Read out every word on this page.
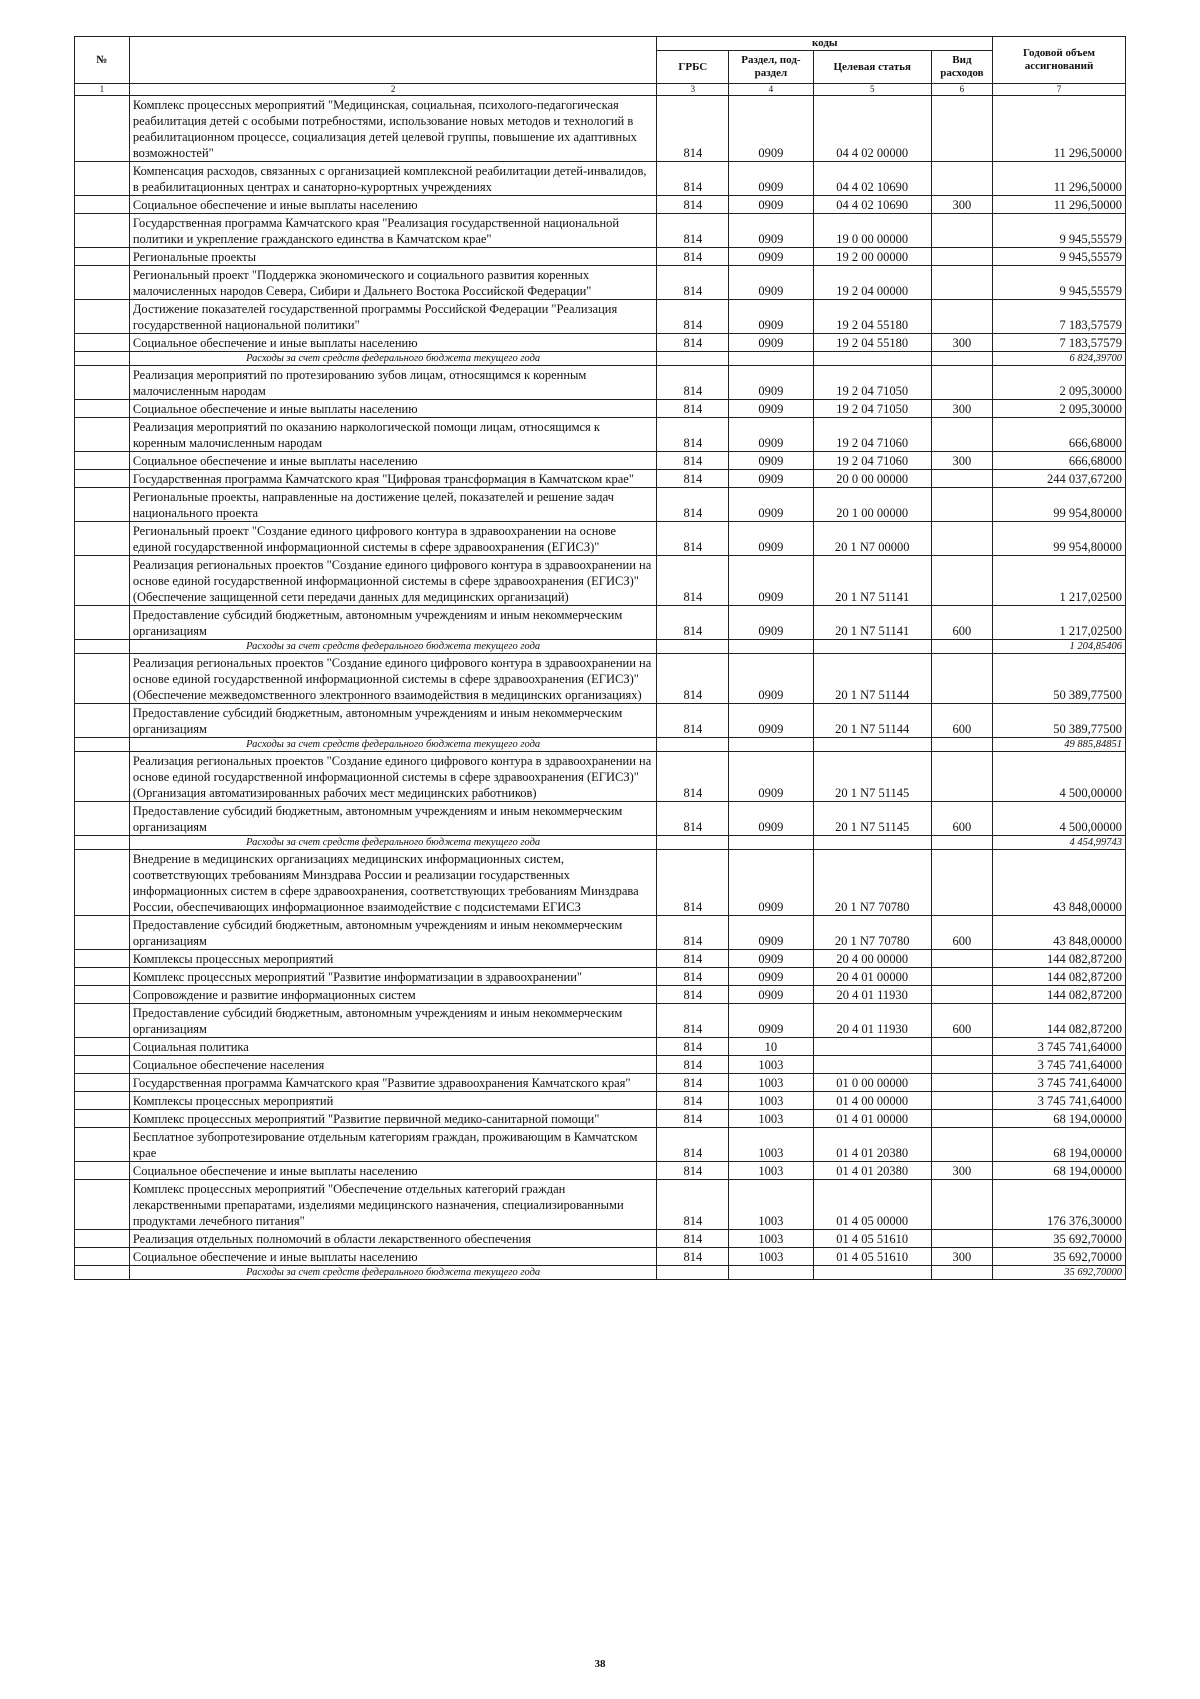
№		коды				Годовой объем ассигнований
		ГРБС	Раздел, под-раздел	Целевая статья	Вид расходов	
1	2	3	4	5	6	7
	Комплекс процессных мероприятий "Медицинская, социальная, психолого-педагогическая реабилитация детей с особыми потребностями, использование новых методов и технологий в реабилитационном процессе, социализация детей целевой группы, повышение их адаптивных возможностей"	814	0909	04 4 02 00000		11 296,50000
	Компенсация расходов, связанных с организацией комплексной реабилитации детей-инвалидов, в реабилитационных центрах и санаторно-курортных учреждениях	814	0909	04 4 02 10690		11 296,50000
	Социальное обеспечение и иные выплаты населению	814	0909	04 4 02 10690	300	11 296,50000
	Государственная программа Камчатского края "Реализация государственной национальной политики и укрепление гражданского единства в Камчатском крае"	814	0909	19 0 00 00000		9 945,55579
	Региональные проекты	814	0909	19 2 00 00000		9 945,55579
	Региональный проект "Поддержка экономического и социального развития коренных малочисленных народов Севера, Сибири и Дальнего Востока Российской Федерации"	814	0909	19 2 04 00000		9 945,55579
	Достижение показателей государственной программы Российской Федерации "Реализация государственной национальной политики"	814	0909	19 2 04 55180		7 183,57579
	Социальное обеспечение и иные выплаты населению	814	0909	19 2 04 55180	300	7 183,57579
	Расходы за счет средств федерального бюджета текущего года					6 824,39700
	Реализация мероприятий по протезированию зубов лицам, относящимся к коренным малочисленным народам	814	0909	19 2 04 71050		2 095,30000
	Социальное обеспечение и иные выплаты населению	814	0909	19 2 04 71050	300	2 095,30000
	Реализация мероприятий по оказанию наркологической помощи лицам, относящимся к коренным малочисленным народам	814	0909	19 2 04 71060		666,68000
	Социальное обеспечение и иные выплаты населению	814	0909	19 2 04 71060	300	666,68000
	Государственная программа Камчатского края "Цифровая трансформация в Камчатском крае"	814	0909	20 0 00 00000		244 037,67200
	Региональные проекты, направленные на достижение целей, показателей и решение задач национального проекта	814	0909	20 1 00 00000		99 954,80000
	Региональный проект "Создание единого цифрового контура в здравоохранении на основе единой государственной информационной системы в сфере здравоохранения (ЕГИСЗ)"	814	0909	20 1 N7 00000		99 954,80000
	Реализация региональных проектов "Создание единого цифрового контура в здравоохранении на основе единой государственной информационной системы в сфере здравоохранения (ЕГИСЗ)" (Обеспечение защищенной сети передачи данных для медицинских организаций)	814	0909	20 1 N7 51141		1 217,02500
	Предоставление субсидий бюджетным, автономным учреждениям и иным некоммерческим организациям	814	0909	20 1 N7 51141	600	1 217,02500
	Расходы за счет средств федерального бюджета текущего года					1 204,85406
	Реализация региональных проектов "Создание единого цифрового контура в здравоохранении на основе единой государственной информационной системы в сфере здравоохранения (ЕГИСЗ)" (Обеспечение межведомственного электронного взаимодействия в медицинских организациях)	814	0909	20 1 N7 51144		50 389,77500
	Предоставление субсидий бюджетным, автономным учреждениям и иным некоммерческим организациям	814	0909	20 1 N7 51144	600	50 389,77500
	Расходы за счет средств федерального бюджета текущего года					49 885,84851
	Реализация региональных проектов "Создание единого цифрового контура в здравоохранении на основе единой государственной информационной системы в сфере здравоохранения (ЕГИСЗ)" (Организация автоматизированных рабочих мест медицинских работников)	814	0909	20 1 N7 51145		4 500,00000
	Предоставление субсидий бюджетным, автономным учреждениям и иным некоммерческим организациям	814	0909	20 1 N7 51145	600	4 500,00000
	Расходы за счет средств федерального бюджета текущего года					4 454,99743
	Внедрение в медицинских организациях медицинских информационных систем, соответствующих требованиям Минздрава России и реализации государственных информационных систем в сфере здравоохранения, соответствующих требованиям Минздрава России, обеспечивающих информационное взаимодействие с подсистемами ЕГИСЗ	814	0909	20 1 N7 70780		43 848,00000
	Предоставление субсидий бюджетным, автономным учреждениям и иным некоммерческим организациям	814	0909	20 1 N7 70780	600	43 848,00000
	Комплексы процессных мероприятий	814	0909	20 4 00 00000		144 082,87200
	Комплекс процессных мероприятий "Развитие информатизации в здравоохранении"	814	0909	20 4 01 00000		144 082,87200
	Сопровождение и развитие информационных систем	814	0909	20 4 01 11930		144 082,87200
	Предоставление субсидий бюджетным, автономным учреждениям и иным некоммерческим организациям	814	0909	20 4 01 11930	600	144 082,87200
	Социальная политика	814	10			3 745 741,64000
	Социальное обеспечение населения	814	1003			3 745 741,64000
	Государственная программа Камчатского края "Развитие здравоохранения Камчатского края"	814	1003	01 0 00 00000		3 745 741,64000
	Комплексы процессных мероприятий	814	1003	01 4 00 00000		3 745 741,64000
	Комплекс процессных мероприятий "Развитие первичной медико-санитарной помощи"	814	1003	01 4 01 00000		68 194,00000
	Бесплатное зубопротезирование отдельным категориям граждан, проживающим в Камчатском крае	814	1003	01 4 01 20380		68 194,00000
	Социальное обеспечение и иные выплаты населению	814	1003	01 4 01 20380	300	68 194,00000
	Комплекс процессных мероприятий "Обеспечение отдельных категорий граждан лекарственными препаратами, изделиями медицинского назначения, специализированными продуктами лечебного питания"	814	1003	01 4 05 00000		176 376,30000
	Реализация отдельных полномочий в области лекарственного обеспечения	814	1003	01 4 05 51610		35 692,70000
	Социальное обеспечение и иные выплаты населению	814	1003	01 4 05 51610	300	35 692,70000
	Расходы за счет средств федерального бюджета текущего года					35 692,70000
38
